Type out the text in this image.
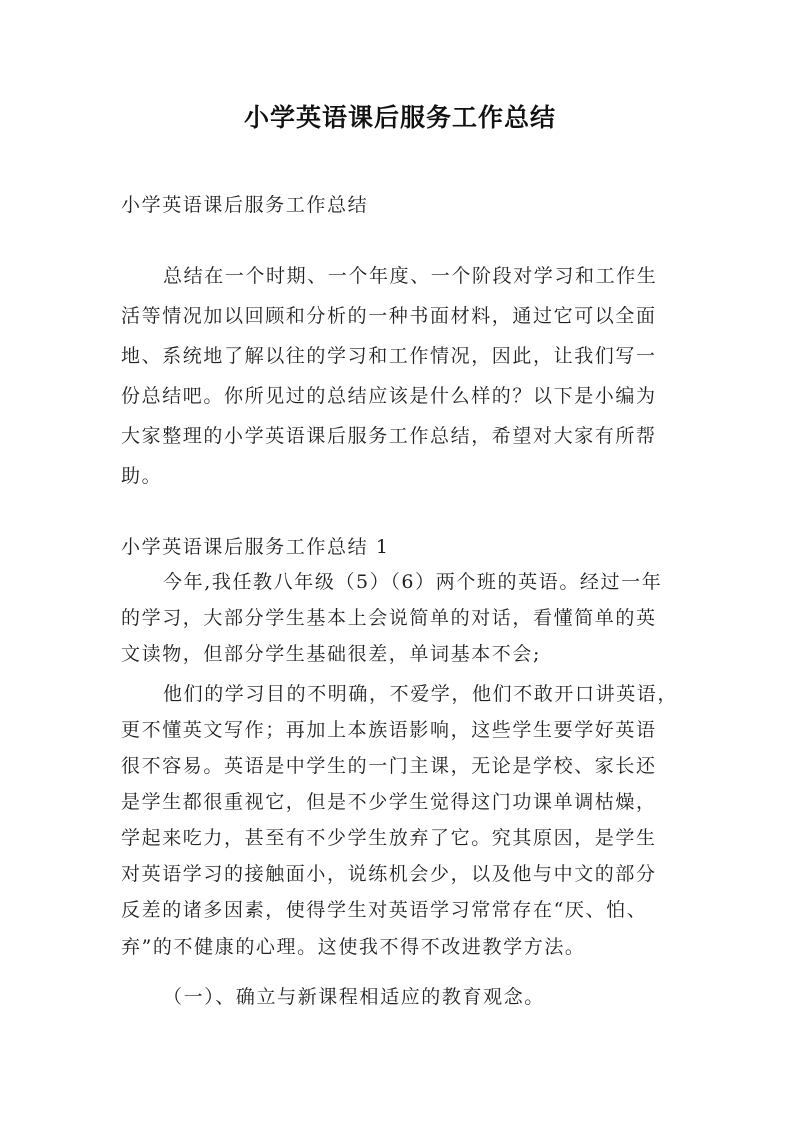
小学英语课后服务工作总结
小学英语课后服务工作总结
总结在一个时期、一个年度、一个阶段对学习和工作生
活等情况加以回顾和分析的一种书面材料，通过它可以全面
地、系统地了解以往的学习和工作情况，因此，让我们写一
份总结吧。你所见过的总结应该是什么样的？以下是小编为
大家整理的小学英语课后服务工作总结，希望对大家有所帮
助。
小学英语课后服务工作总结 1
今年,我任教八年级（5）（6）两个班的英语。经过一年
的学习，大部分学生基本上会说简单的对话，看懂简单的英
文读物，但部分学生基础很差，单词基本不会;
他们的学习目的不明确，不爱学，他们不敢开口讲英语，
更不懂英文写作；再加上本族语影响，这些学生要学好英语
很不容易。英语是中学生的一门主课，无论是学校、家长还
是学生都很重视它，但是不少学生觉得这门功课单调枯燥，
学起来吃力，甚至有不少学生放弃了它。究其原因，是学生
对英语学习的接触面小，说练机会少，以及他与中文的部分
反差的诸多因素，使得学生对英语学习常常存在“厌、怕、
弃”的不健康的心理。这使我不得不改进教学方法。
（一）、确立与新课程相适应的教育观念。
